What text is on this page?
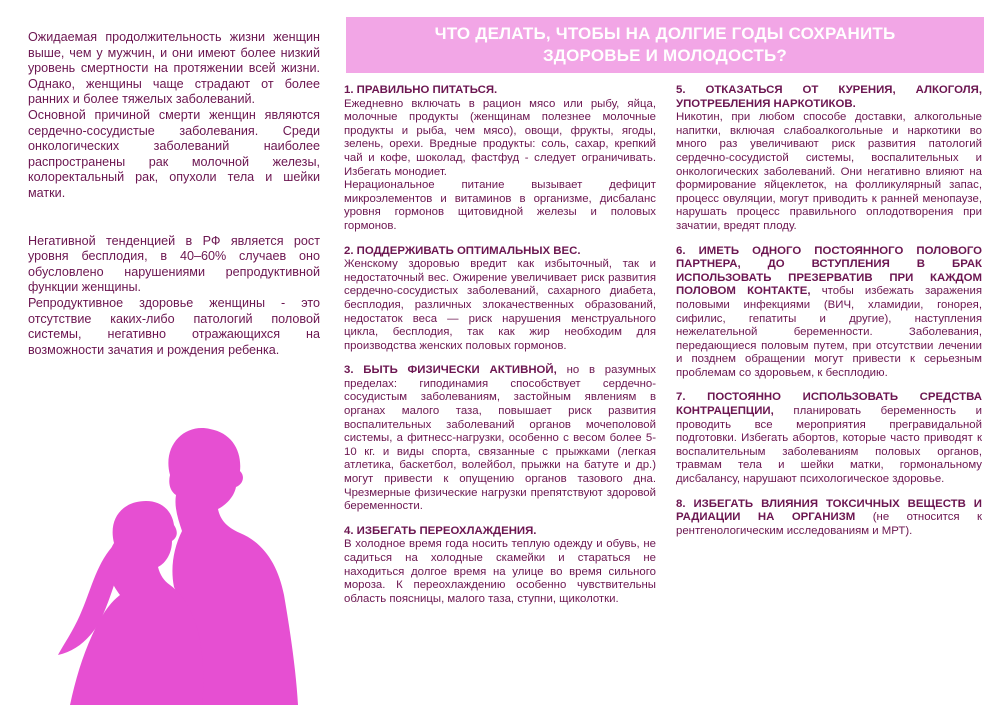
Ожидаемая продолжительность жизни женщин выше, чем у мужчин, и они имеют более низкий уровень смертности на протяжении всей жизни. Однако, женщины чаще страдают от более ранних и более тяжелых заболеваний.

Основной причиной смерти женщин являются сердечно-сосудистые заболевания. Среди онкологических заболеваний наиболее распространены рак молочной железы, колоректальный рак, опухоли тела и шейки матки.

Негативной тенденцией в РФ является рост уровня бесплодия, в 40–60% случаев оно обусловлено нарушениями репродуктивной функции женщины.

Репродуктивное здоровье женщины - это отсутствие каких-либо патологий половой системы, негативно отражающихся на возможности зачатия и рождения ребенка.

ЧТО ДЕЛАТЬ, ЧТОБЫ НА ДОЛГИЕ ГОДЫ СОХРАНИТЬ
ЗДОРОВЬЕ И МОЛОДОСТЬ?

1. ПРАВИЛЬНО ПИТАТЬСЯ.

Ежедневно включать в рацион мясо или рыбу, яйца, молочные продукты (женщинам полезнее молочные продукты и рыба, чем мясо), овощи, фрукты, ягоды, зелень, орехи. Вредные продукты: соль, сахар, крепкий чай и кофе, шоколад, фастфуд - следует ограничивать. Избегать монодиет.

Нерациональное питание вызывает дефицит микроэлементов и витаминов в организме, дисбаланс уровня гормонов щитовидной железы и половых гормонов.

2. ПОДДЕРЖИВАТЬ ОПТИМАЛЬНЫХ ВЕС.

Женскому здоровью вредит как избыточный, так и недостаточный вес. Ожирение увеличивает риск развития сердечно-сосудистых заболеваний, сахарного диабета, бесплодия, различных злокачественных образований, недостаток веса — риск нарушения менструального цикла, бесплодия, так как жир необходим для производства женских половых гормонов.

3. БЫТЬ ФИЗИЧЕСКИ АКТИВНОЙ, но в разумных пределах: гиподинамия способствует сердечно-сосудистым заболеваниям, застойным явлениям в органах малого таза, повышает риск развития воспалительных заболеваний органов мочеполовой системы, а фитнесс-нагрузки, особенно с весом более 5-10 кг. и виды спорта, связанные с прыжками (легкая атлетика, баскетбол, волейбол, прыжки на батуте и др.) могут привести к опущению органов тазового дна. Чрезмерные физические нагрузки препятствуют здоровой беременности.

4. ИЗБЕГАТЬ ПЕРЕОХЛАЖДЕНИЯ.

В холодное время года носить теплую одежду и обувь, не садиться на холодные скамейки и стараться не находиться долгое время на улице во время сильного мороза. К переохлаждению особенно чувствительны область поясницы, малого таза, ступни, щиколотки.

5. ОТКАЗАТЬСЯ ОТ КУРЕНИЯ, АЛКОГОЛЯ, УПОТРЕБЛЕНИЯ НАРКОТИКОВ.

Никотин, при любом способе доставки, алкогольные напитки, включая слабоалкогольные и наркотики во много раз увеличивают риск развития патологий сердечно-сосудистой системы, воспалительных и онкологических заболеваний. Они негативно влияют на формирование яйцеклеток, на фолликулярный запас, процесс овуляции, могут приводить к ранней менопаузе, нарушать процесс правильного оплодотворения при зачатии, вредят плоду.

6. ИМЕТЬ ОДНОГО ПОСТОЯННОГО ПОЛОВОГО ПАРТНЕРА, ДО ВСТУПЛЕНИЯ В БРАК ИСПОЛЬЗОВАТЬ ПРЕЗЕРВАТИВ ПРИ КАЖДОМ ПОЛОВОМ КОНТАКТЕ, чтобы избежать заражения половыми инфекциями (ВИЧ, хламидии, гонорея, сифилис, гепатиты и другие), наступления нежелательной беременности. Заболевания, передающиеся половым путем, при отсутствии лечении и позднем обращении могут привести к серьезным проблемам со здоровьем, к бесплодию.

7. ПОСТОЯННО ИСПОЛЬЗОВАТЬ СРЕДСТВА КОНТРАЦЕПЦИИ, планировать беременность и проводить все мероприятия прегравидальной подготовки. Избегать абортов, которые часто приводят к воспалительным заболеваниям половых органов, травмам тела и шейки матки, гормональному дисбалансу, нарушают психологическое здоровье.

8. ИЗБЕГАТЬ ВЛИЯНИЯ ТОКСИЧНЫХ ВЕЩЕСТВ И РАДИАЦИИ НА ОРГАНИЗМ (не относится к рентгенологическим исследованиям и МРТ).
